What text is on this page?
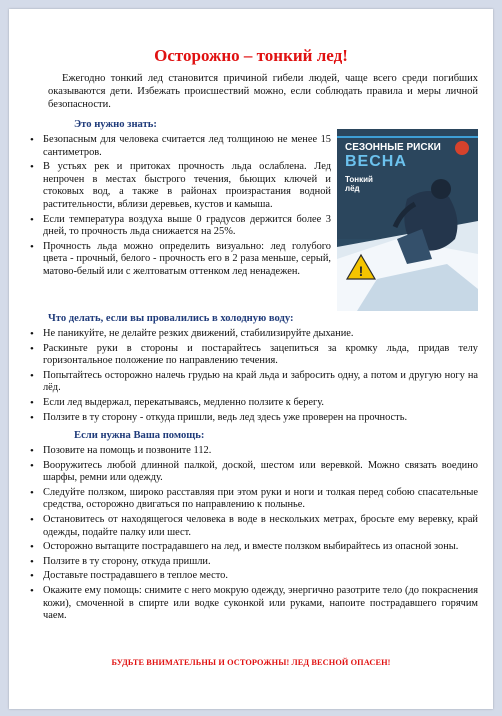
Осторожно – тонкий лед!
Ежегодно тонкий лед становится причиной гибели людей, чаще всего среди погибших оказываются дети. Избежать происшествий можно, если соблюдать правила и меры личной безопасности.
Это нужно знать:
• Безопасным для человека считается лед толщиною не менее 15 сантиметров.
• В устьях рек и притоках прочность льда ослаблена. Лед непрочен в местах быстрого течения, бьющих ключей и стоковых вод, а также в районах произрастания водной растительности, вблизи деревьев, кустов и камыша.
• Если температура воздуха выше 0 градусов держится более 3 дней, то прочность льда снижается на 25%.
• Прочность льда можно определить визуально: лед голубого цвета - прочный, белого - прочность его в 2 раза меньше, серый, матово-белый или с желтоватым оттенком лед ненадежен.
СЕЗОННЫЕ РИСКИ
ВЕСНА
Тонкий
лёд
!
Что делать, если вы провалились в холодную воду:
• Не паникуйте, не делайте резких движений, стабилизируйте дыхание.
• Раскиньте руки в стороны и постарайтесь зацепиться за кромку льда, придав телу горизонтальное положение по направлению течения.
• Попытайтесь осторожно налечь грудью на край льда и забросить одну, а потом и другую ногу на лёд.
• Если лед выдержал, перекатываясь, медленно ползите к берегу.
• Ползите в ту сторону - откуда пришли, ведь лед здесь уже проверен на прочность.
Если нужна Ваша помощь:
• Позовите на помощь и позвоните 112.
• Вооружитесь любой длинной палкой, доской, шестом или веревкой. Можно связать воедино шарфы, ремни или одежду.
• Следуйте ползком, широко расставляя при этом руки и ноги и толкая перед собою спасательные средства, осторожно двигаться по направлению к полынье.
• Остановитесь от находящегося человека в воде в нескольких метрах, бросьте ему веревку, край одежды, подайте палку или шест.
• Осторожно вытащите пострадавшего на лед, и вместе ползком выбирайтесь из опасной зоны.
• Ползите в ту сторону, откуда пришли.
• Доставьте пострадавшего в теплое место.
• Окажите ему помощь: снимите с него мокрую одежду, энергично разотрите тело (до покраснения кожи), смоченной в спирте или водке суконкой или руками, напоите пострадавшего горячим чаем.
БУДЬТЕ ВНИМАТЕЛЬНЫ И ОСТОРОЖНЫ! ЛЕД ВЕСНОЙ ОПАСЕН!
